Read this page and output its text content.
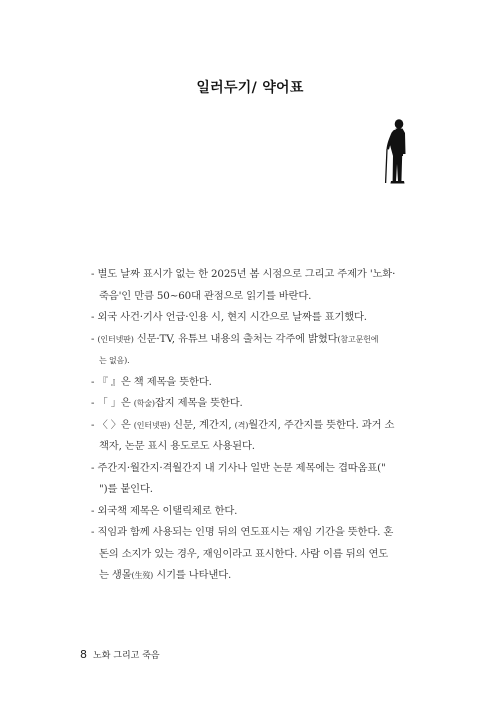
일러두기/ 약어표
- 별도 날짜 표시가 없는 한 2025년 봄 시점으로 그리고 주제가 '노화·
죽음'인 만큼 50~60대 관점으로 읽기를 바란다.
- 외국 사건·기사 언급·인용 시, 현지 시간으로 날짜를 표기했다.
- (인터넷판) 신문·TV, 유튜브 내용의 출처는 각주에 밝혔다(참고문헌에
는 없음).
- 『 』은 책 제목을 뜻한다.
- 「 」은 (학술)잡지 제목을 뜻한다.
- 〈 〉은 (인터넷판) 신문, 계간지, (격)월간지, 주간지를 뜻한다. 과거 소
책자, 논문 표시 용도로도 사용된다.
- 주간지·월간지·격월간지 내 기사나 일반 논문 제목에는 겹따옴표("
")를 붙인다.
- 외국책 제목은 이탤릭체로 한다.
- 직임과 함께 사용되는 인명 뒤의 연도표시는 재임 기간을 뜻한다. 혼
돈의 소지가 있는 경우, 재임이라고 표시한다. 사람 이름 뒤의 연도
는 생몰(生歿) 시기를 나타낸다.
8 노화 그리고 죽음
